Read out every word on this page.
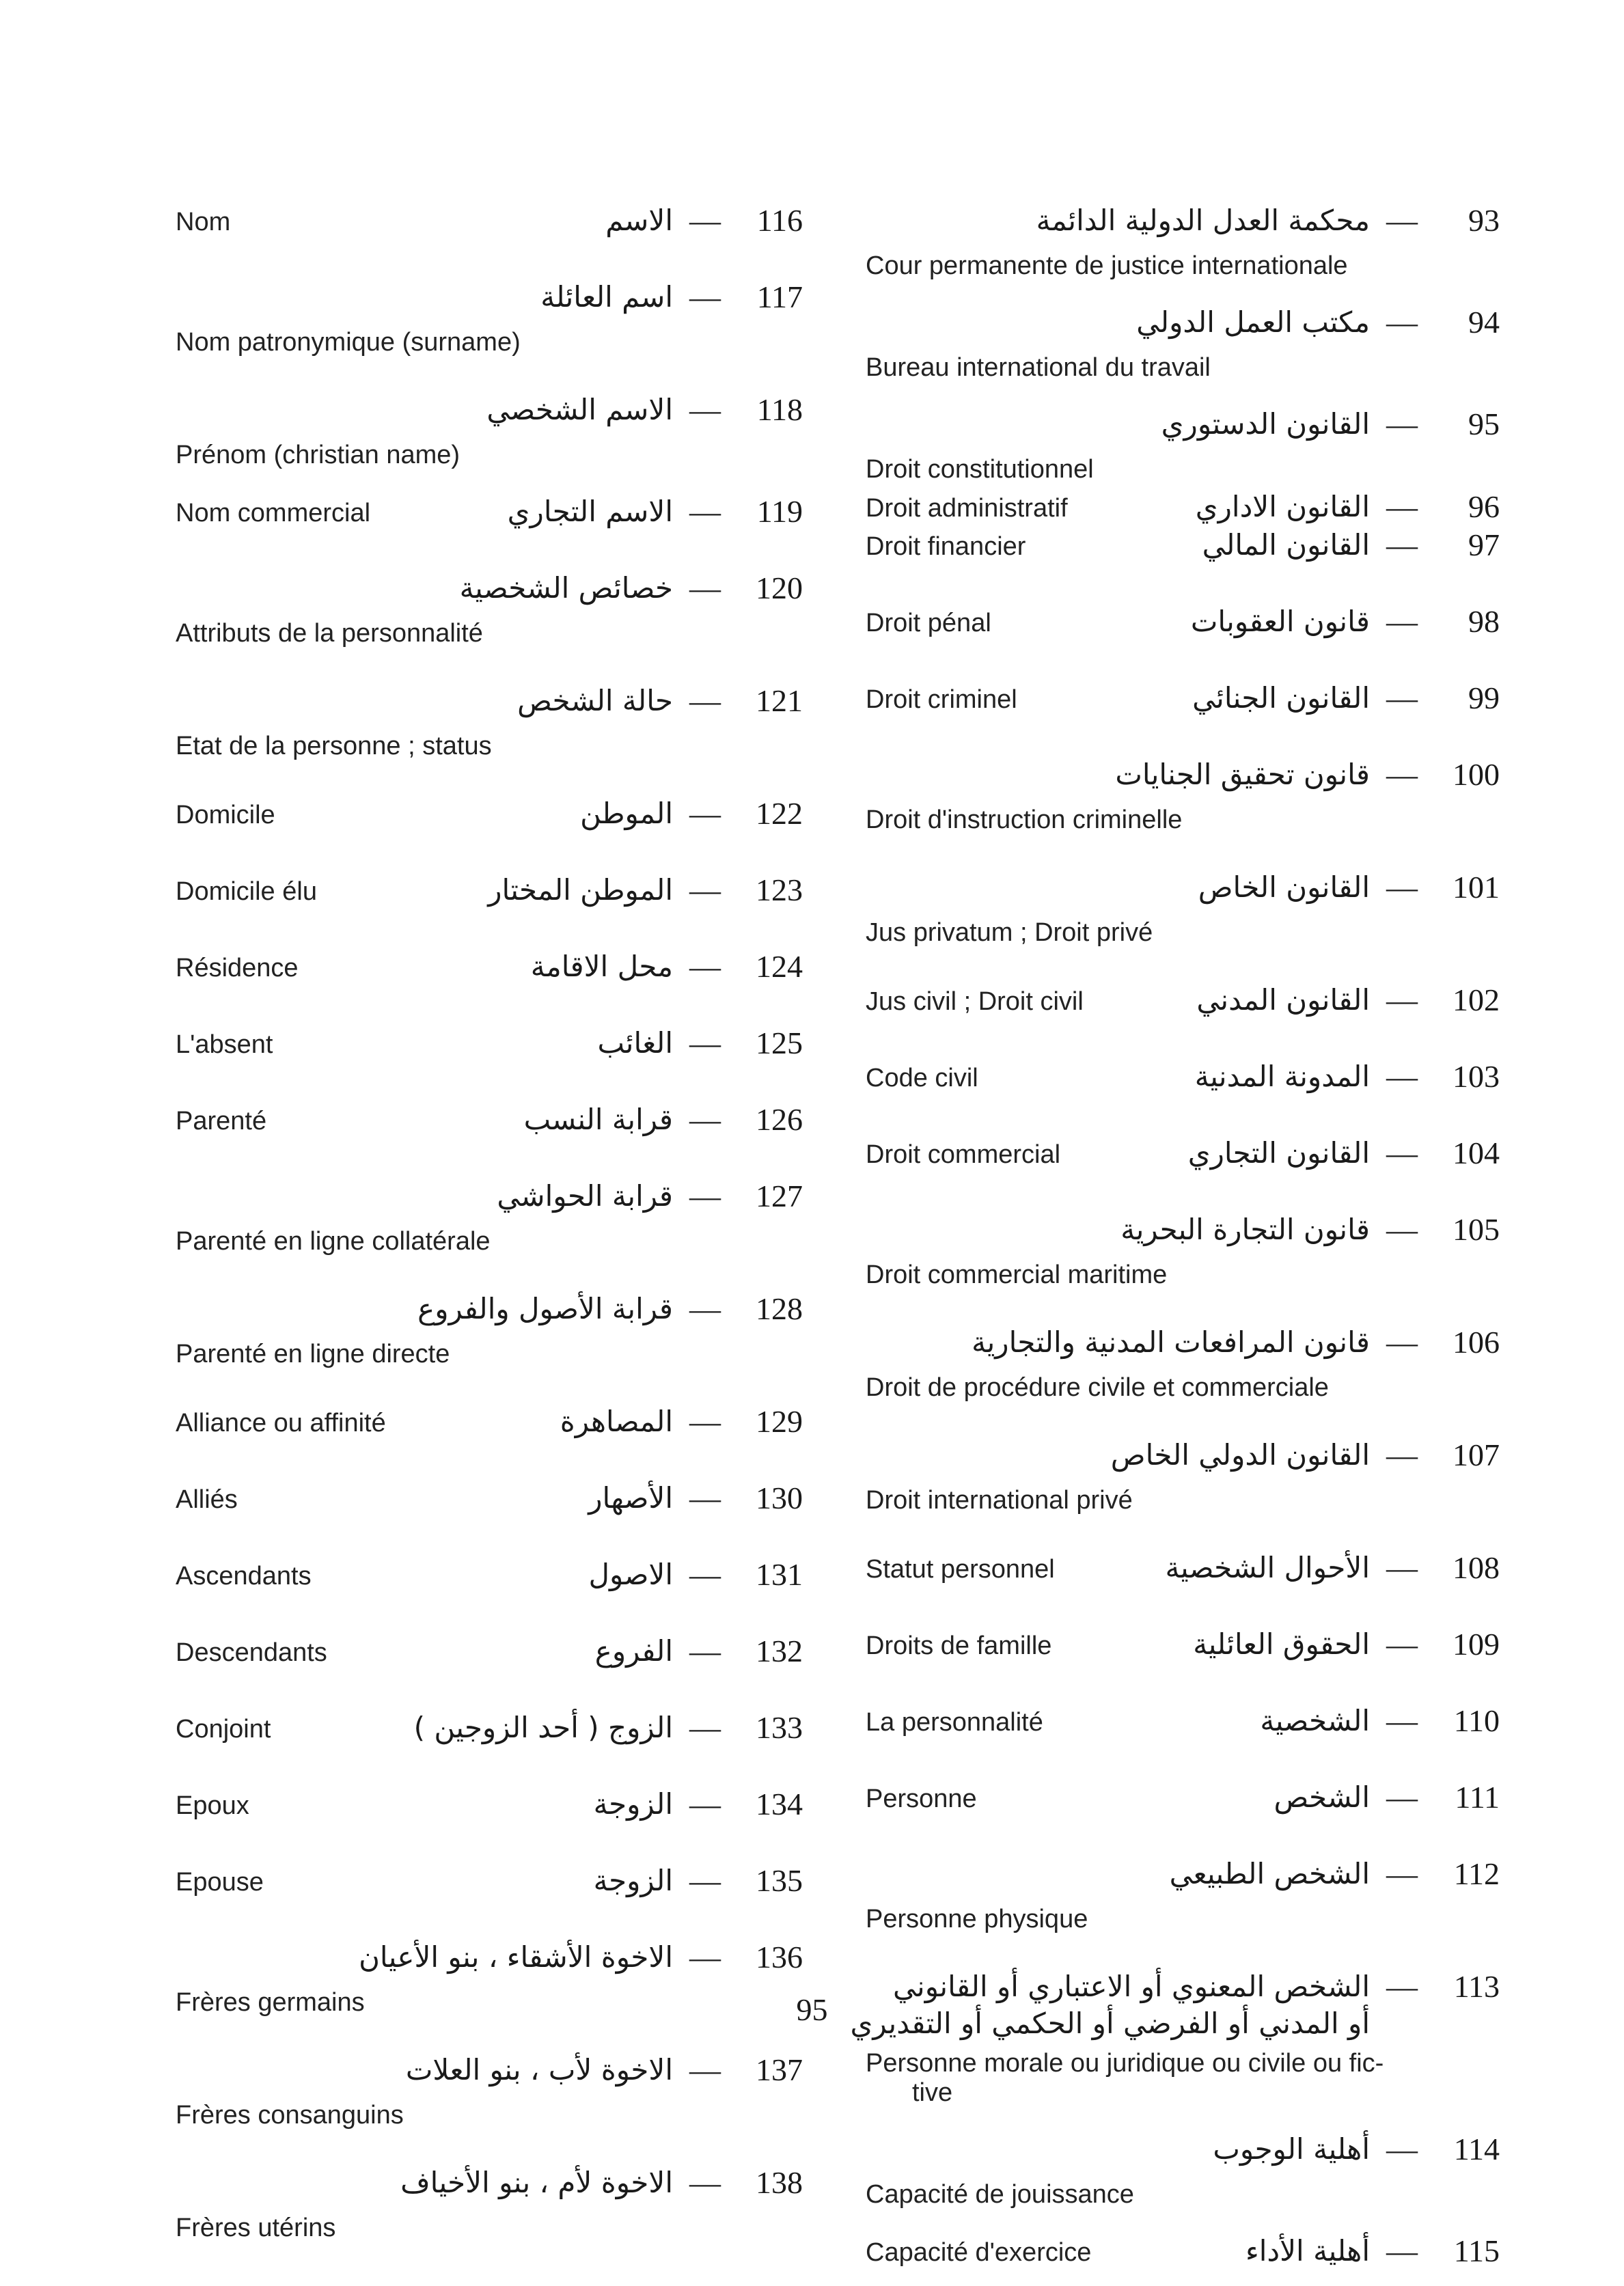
116
—
الاسم
Nom
117
—
اسم العائلة
Nom patronymique (surname)
118
—
الاسم الشخصي
Prénom (christian name)
119
—
الاسم التجاري
Nom commercial
120
—
خصائص الشخصية
Attributs de la personnalité
121
—
حالة الشخص
Etat de la personne ; status
122
—
الموطن
Domicile
123
—
الموطن المختار
Domicile élu
124
—
محل الاقامة
Résidence
125
—
الغائب
L'absent
126
—
قرابة النسب
Parenté
127
—
قرابة الحواشي
Parenté en ligne collatérale
128
—
قرابة الأصول والفروع
Parenté en ligne directe
129
—
المصاهرة
Alliance ou affinité
130
—
الأصهار
Alliés
131
—
الاصول
Ascendants
132
—
الفروع
Descendants
133
—
الزوج ( أحد الزوجين )
Conjoint
134
—
الزوجة
Epoux
135
—
الزوجة
Epouse
136
—
الاخوة الأشقاء ، بنو الأعيان
Frères germains
137
—
الاخوة لأب ، بنو العلات
Frères consanguins
138
—
الاخوة لأم ، بنو الأخياف
Frères utérins
93
—
محكمة العدل الدولية الدائمة
Cour permanente de justice internationale
94
—
مكتب العمل الدولي
Bureau international du travail
95
—
القانون الدستوري
Droit constitutionnel
96
—
القانون الاداري
Droit administratif
97
—
القانون المالي
Droit financier
98
—
قانون العقوبات
Droit pénal
99
—
القانون الجنائي
Droit criminel
100
—
قانون تحقيق الجنايات
Droit d'instruction criminelle
101
—
القانون الخاص
Jus privatum ; Droit privé
102
—
القانون المدني
Jus civil ; Droit civil
103
—
المدونة المدنية
Code civil
104
—
القانون التجاري
Droit commercial
105
—
قانون التجارة البحرية
Droit commercial maritime
106
—
قانون المرافعات المدنية والتجارية
Droit de procédure civile et commerciale
107
—
القانون الدولي الخاص
Droit international privé
108
—
الأحوال الشخصية
Statut personnel
109
—
الحقوق العائلية
Droits de famille
110
—
الشخصية
La personnalité
111
—
الشخص
Personne
112
—
الشخص الطبيعي
Personne physique
113
—
الشخص المعنوي أو الاعتباري أو القانوني
أو المدني أو الفرضي أو الحكمي أو التقديري
Personne morale ou juridique ou civile ou fic-
tive
114
—
أهلية الوجوب
Capacité de jouissance
115
—
أهلية الأداء
Capacité d'exercice
95
